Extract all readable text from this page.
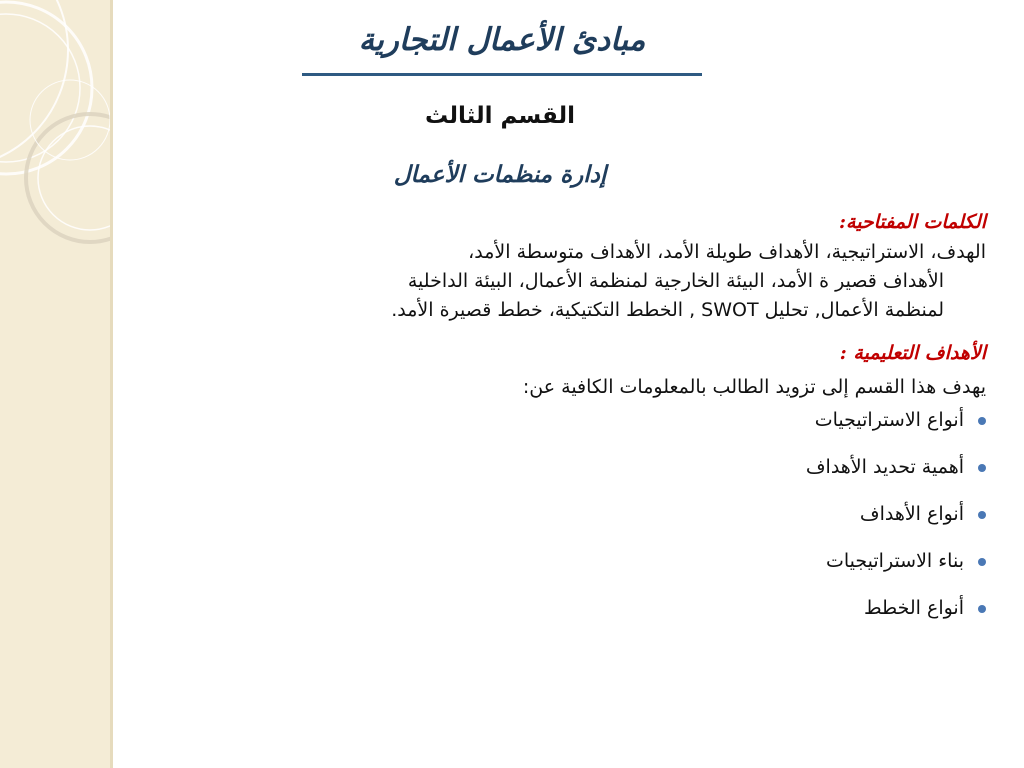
مبادئ الأعمال التجارية
القسم الثالث
إدارة منظمات الأعمال

الكلمات المفتاحية:

الهدف، الاستراتيجية، الأهداف طويلة الأمد، الأهداف متوسطة الأمد،
الأهداف قصير ة الأمد، البيئة الخارجية لمنظمة الأعمال، البيئة الداخلية
لمنظمة الأعمال, تحليل SWOT , الخطط التكتيكية، خطط قصيرة الأمد.

الأهداف التعليمية :

يهدف هذا القسم إلى تزويد الطالب بالمعلومات الكافية عن:

أنواع الاستراتيجيات
أهمية تحديد الأهداف
أنواع الأهداف
بناء الاستراتيجيات
أنواع الخطط
